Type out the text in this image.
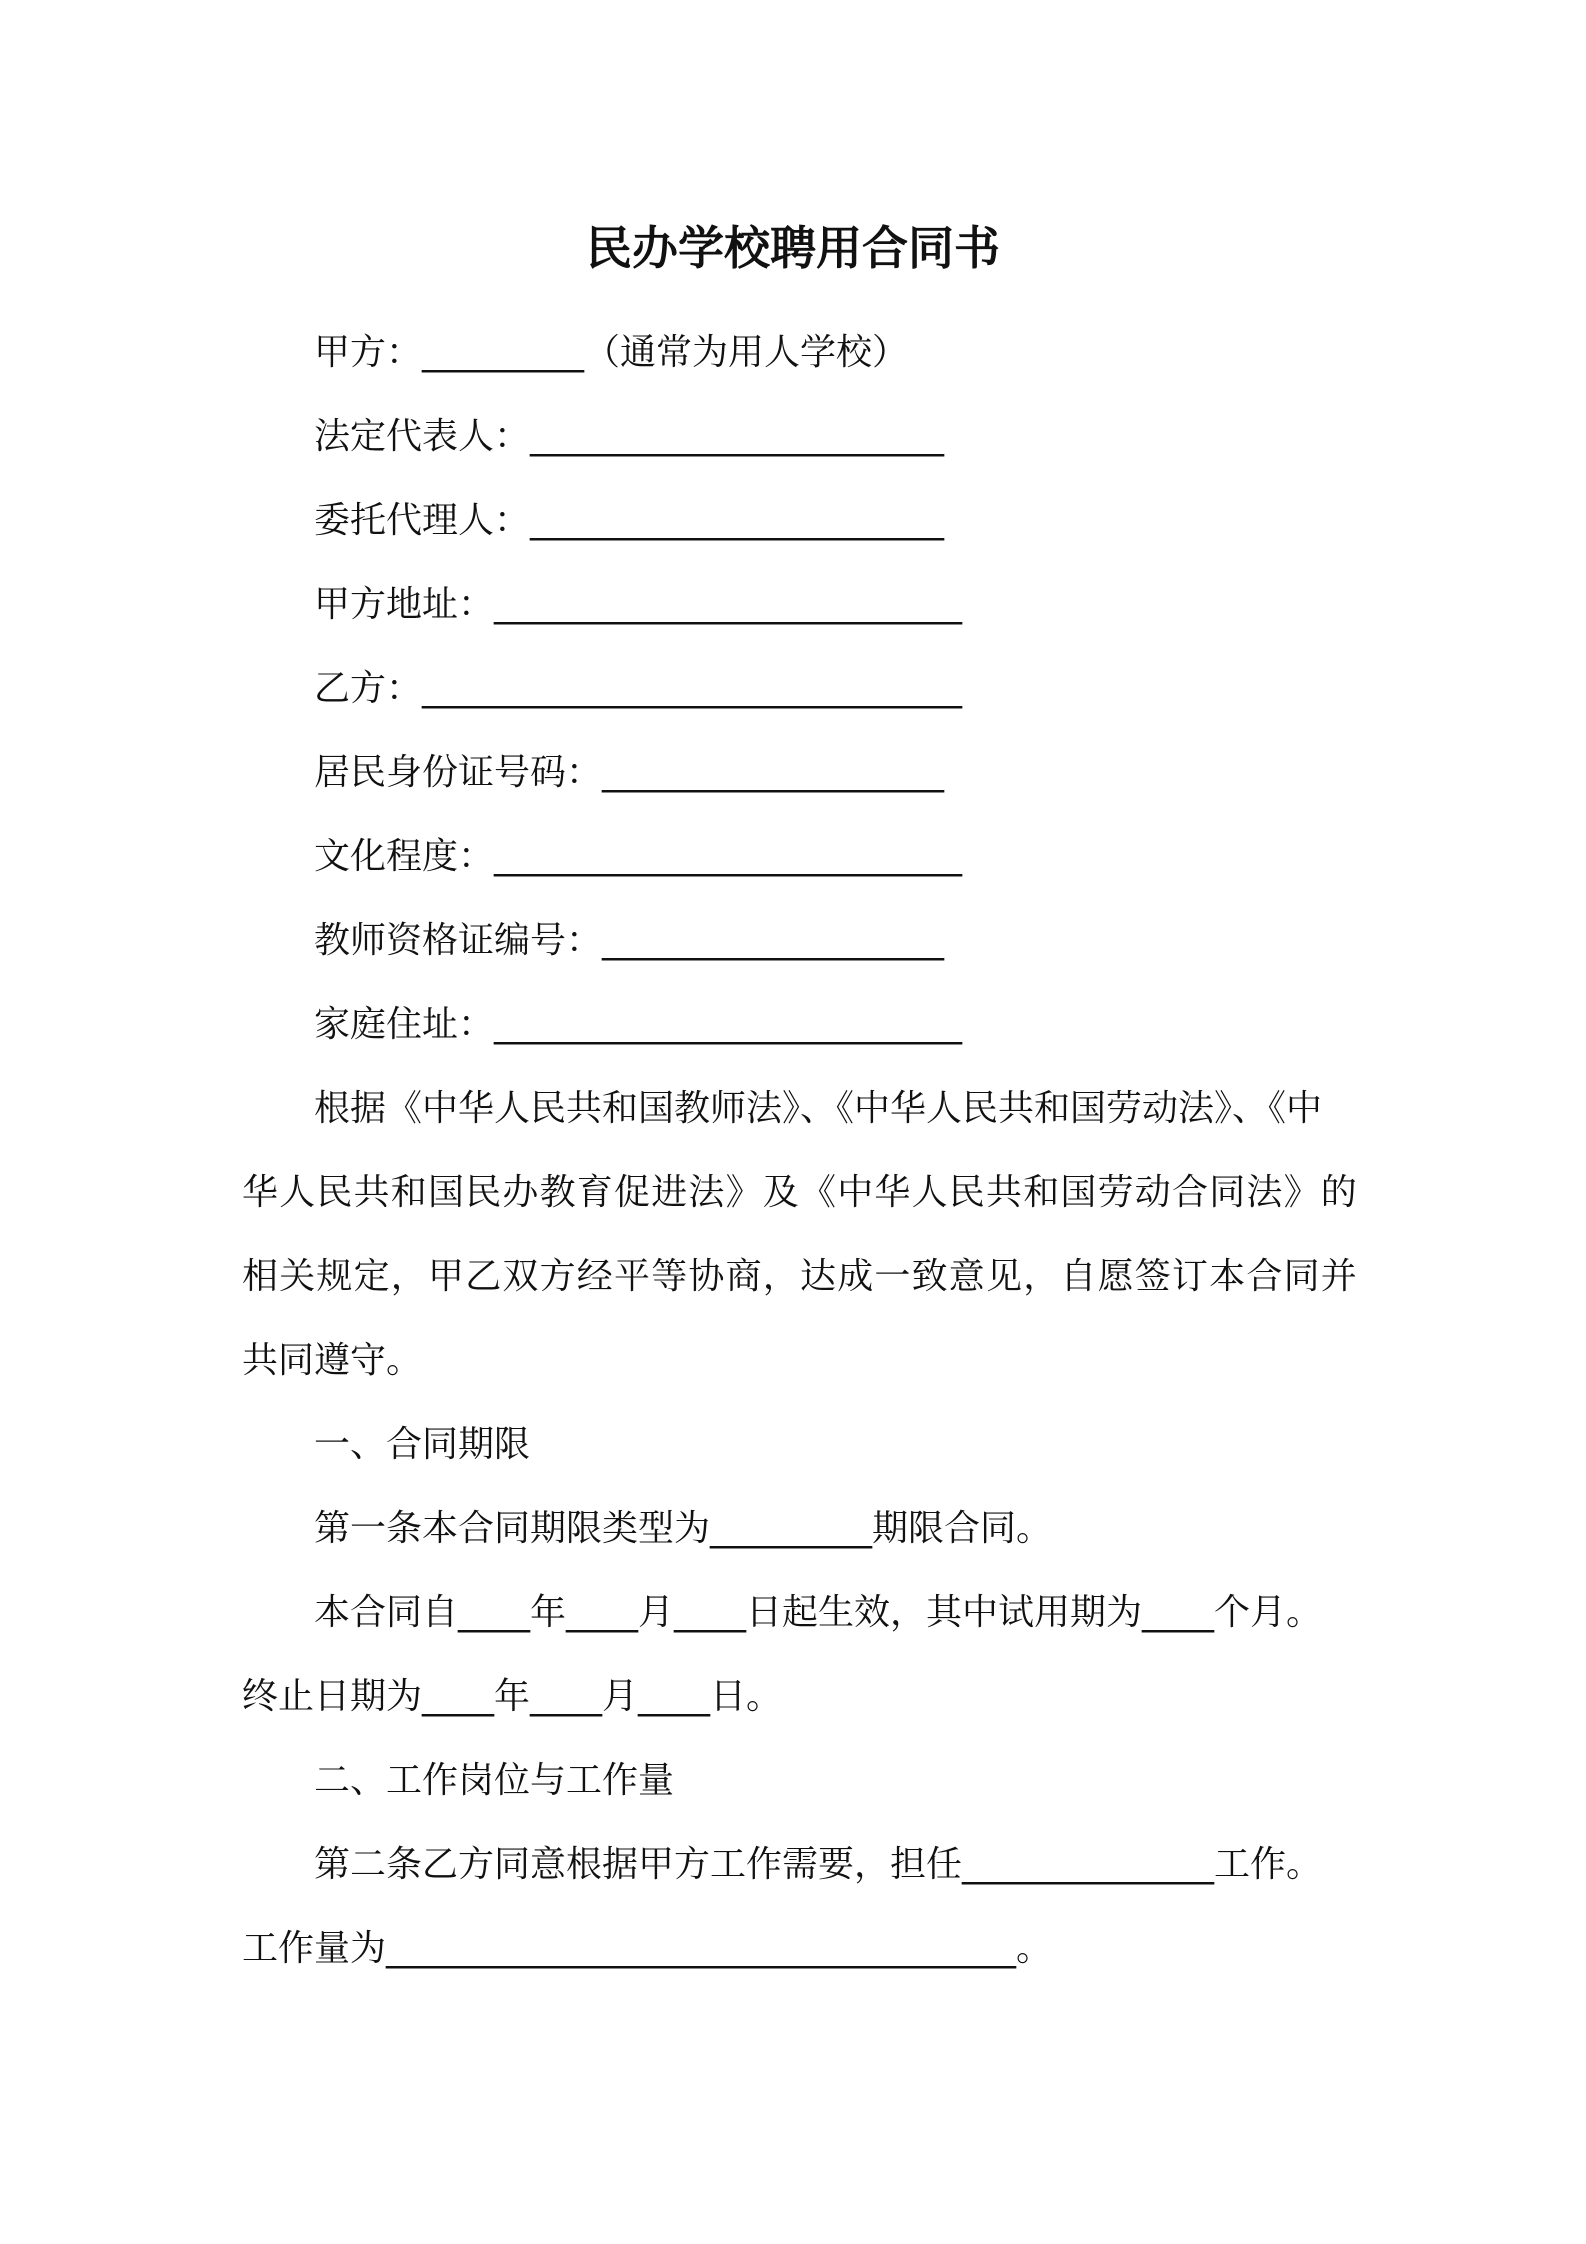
民办学校聘用合同书
甲方：_________（通常为用人学校）
法定代表人：_______________________
委托代理人：_______________________
甲方地址：__________________________
乙方：______________________________
居民身份证号码：___________________
文化程度：__________________________
教师资格证编号：___________________
家庭住址：__________________________
根据《中华人民共和国教师法》、《中华人民共和国劳动法》、《中
华人民共和国民办教育促进法》及《中华人民共和国劳动合同法》的
相关规定，甲乙双方经平等协商，达成一致意见，自愿签订本合同并
共同遵守。
一、合同期限
第一条本合同期限类型为_________期限合同。
本合同自____年____月____日起生效，其中试用期为____个月。
终止日期为____年____月____日。
二、工作岗位与工作量
第二条乙方同意根据甲方工作需要，担任______________工作。
工作量为___________________________________。
